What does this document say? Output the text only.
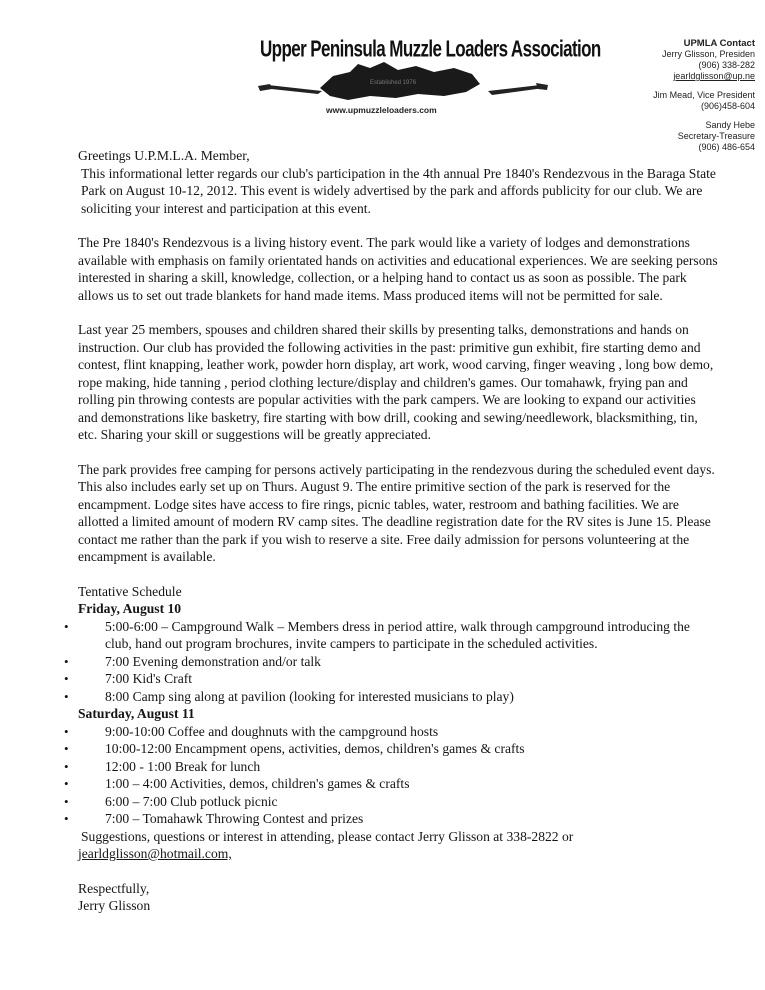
Upper Peninsula Muzzle Loaders Association
Established 1976
www.upmuzzleloaders.com
UPMLA Contact
Jerry Glisson, Presiden
(906) 338-282
jearldglisson@up.ne
Jim Mead, Vice President
(906)458-604
Sandy Hebe
Secretary-Treasure
(906) 486-654

Greetings U.P.M.L.A. Member,

This informational letter regards our club's participation in the 4th annual Pre 1840's Rendezvous in the Baraga State Park on August 10-12, 2012. This event is widely advertised by the park and affords publicity for our club. We are soliciting your interest and participation at this event.

The Pre 1840's Rendezvous is a living history event. The park would like a variety of lodges and demonstrations available with emphasis on family orientated hands on activities and educational experiences. We are seeking persons interested in sharing a skill, knowledge, collection, or a helping hand to contact us as soon as possible. The park allows us to set out trade blankets for hand made items. Mass produced items will not be permitted for sale.

Last year 25 members, spouses and children shared their skills by presenting talks, demonstrations and hands on instruction. Our club has provided the following activities in the past: primitive gun exhibit, fire starting demo and contest, flint knapping, leather work, powder horn display, art work, wood carving, finger weaving , long bow demo, rope making, hide tanning , period clothing lecture/display and children's games. Our tomahawk, frying pan and rolling pin throwing contests are popular activities with the park campers. We are looking to expand our activities and demonstrations like basketry, fire starting with bow drill, cooking and sewing/needlework, blacksmithing, tin, etc. Sharing your skill or suggestions will be greatly appreciated.

The park provides free camping for persons actively participating in the rendezvous during the scheduled event days. This also includes early set up on Thurs. August 9. The entire primitive section of the park is reserved for the encampment. Lodge sites have access to fire rings, picnic tables, water, restroom and bathing facilities. We are allotted a limited amount of modern RV camp sites. The deadline registration date for the RV sites is June 15. Please contact me rather than the park if you wish to reserve a site. Free daily admission for persons volunteering at the encampment is available.

Tentative Schedule

Friday, August 10

• 5:00-6:00 – Campground Walk – Members dress in period attire, walk through campground introducing the club, hand out program brochures, invite campers to participate in the scheduled activities.
• 7:00 Evening demonstration and/or talk
• 7:00 Kid's Craft
• 8:00 Camp sing along at pavilion (looking for interested musicians to play)

Saturday, August 11

• 9:00-10:00 Coffee and doughnuts with the campground hosts
• 10:00-12:00 Encampment opens, activities, demos, children's games & crafts
• 12:00 - 1:00 Break for lunch
• 1:00 – 4:00 Activities, demos, children's games & crafts
• 6:00 – 7:00 Club potluck picnic
• 7:00 – Tomahawk Throwing Contest and prizes

Suggestions, questions or interest in attending, please contact Jerry Glisson at 338-2822 or

jearldglisson@hotmail.com,

Respectfully,
Jerry Glisson
